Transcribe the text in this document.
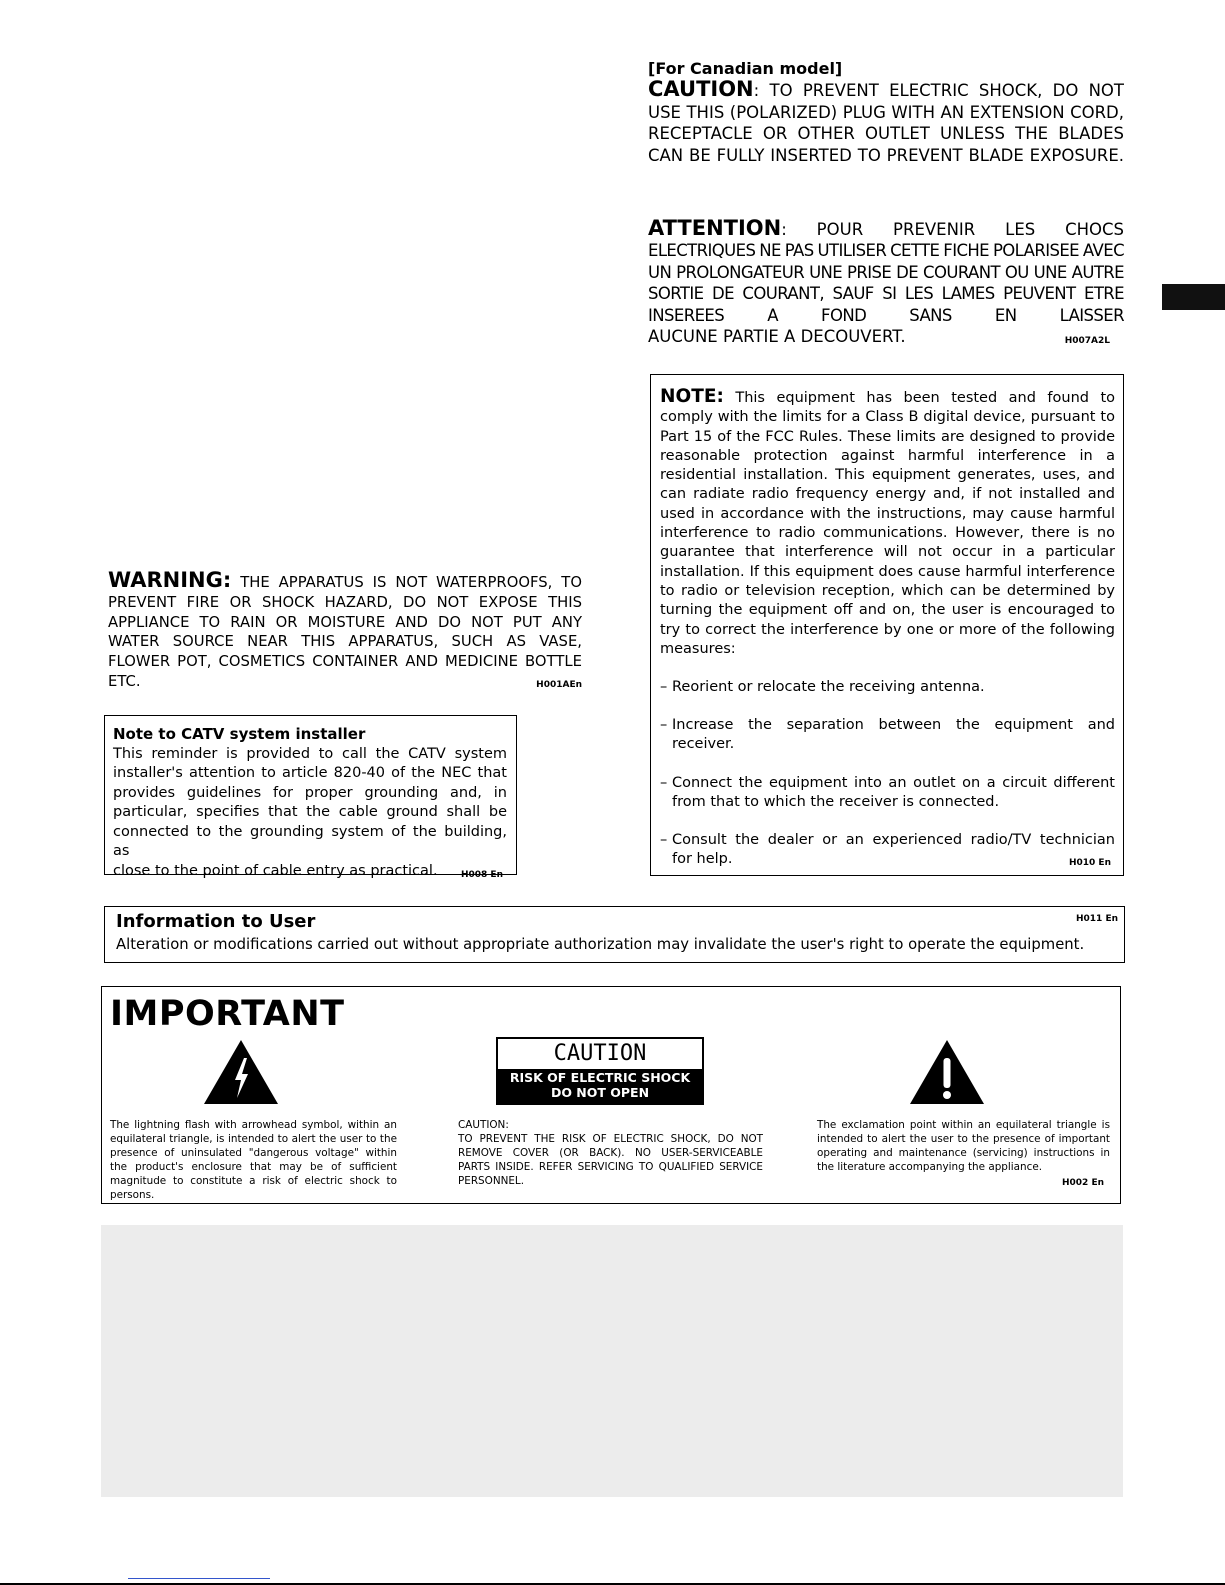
[For Canadian model]
CAUTION: TO PREVENT ELECTRIC SHOCK, DO NOT USE THIS (POLARIZED) PLUG WITH AN EXTENSION CORD, RECEPTACLE OR OTHER OUTLET UNLESS THE BLADES CAN BE FULLY INSERTED TO PREVENT BLADE EXPOSURE.

ATTENTION: POUR PREVENIR LES CHOCS

ELECTRIQUES NE PAS UTILISER CETTE FICHE POLARISEE AVEC UN PROLONGATEUR UNE PRISE DE COURANT OU UNE AUTRE SORTIE DE COURANT, SAUF SI LES LAMES PEUVENT ETRE INSEREES A FOND SANS EN LAISSER

AUCUNE PARTIE A DECOUVERT.	H007A2L

NOTE: This equipment has been tested and found to comply with the limits for a Class B digital device, pursuant to Part 15 of the FCC Rules. These limits are designed to provide reasonable protection against harmful interference in a residential installation. This equipment generates, uses, and can radiate radio frequency energy and, if not installed and used in accordance with the instructions, may cause harmful interference to radio communications. However, there is no guarantee that interference will not occur in a particular installation. If this equipment does cause harmful interference to radio or television reception, which can be determined by turning the equipment off and on, the user is encouraged to try to correct the interference by one or more of the following measures:

– Reorient or relocate the receiving antenna.
– Increase the separation between the equipment and
receiver.
– Connect the equipment into an outlet on a circuit different
from that to which the receiver is connected.
– Consult the dealer or an experienced radio/TV technician
for help.	H010 En
WARNING: THE APPARATUS IS NOT WATERPROOFS, TO PREVENT FIRE OR SHOCK HAZARD, DO NOT EXPOSE THIS APPLIANCE TO RAIN OR MOISTURE AND DO NOT PUT ANY WATER SOURCE NEAR THIS APPARATUS, SUCH AS VASE, FLOWER POT, COSMETICS CONTAINER AND MEDICINE BOTTLE
ETC.	H001AEn
Note to CATV system installer
This reminder is provided to call the CATV system installer's attention to article 820-40 of the NEC that provides guidelines for proper grounding and, in particular, specifies that the cable ground shall be connected to the grounding system of the building, as
close to the point of cable entry as practical.	H008 En
Information to User	H011 En
Alteration or modifications carried out without appropriate authorization may invalidate the user's right to operate the equipment.
IMPORTANT
CAUTION
RISK OF ELECTRIC SHOCK
DO NOT OPEN
The lightning flash with arrowhead symbol, within an equilateral triangle, is intended to alert the user to the presence of uninsulated "dangerous voltage" within the product's enclosure that may be of sufficient magnitude to constitute a risk of electric shock to persons.
CAUTION:
TO PREVENT THE RISK OF ELECTRIC SHOCK, DO NOT REMOVE COVER (OR BACK). NO USER-SERVICEABLE PARTS INSIDE. REFER SERVICING TO QUALIFIED SERVICE PERSONNEL.
The exclamation point within an equilateral triangle is intended to alert the user to the presence of important operating and maintenance (servicing) instructions in the literature accompanying the appliance.
H002 En
